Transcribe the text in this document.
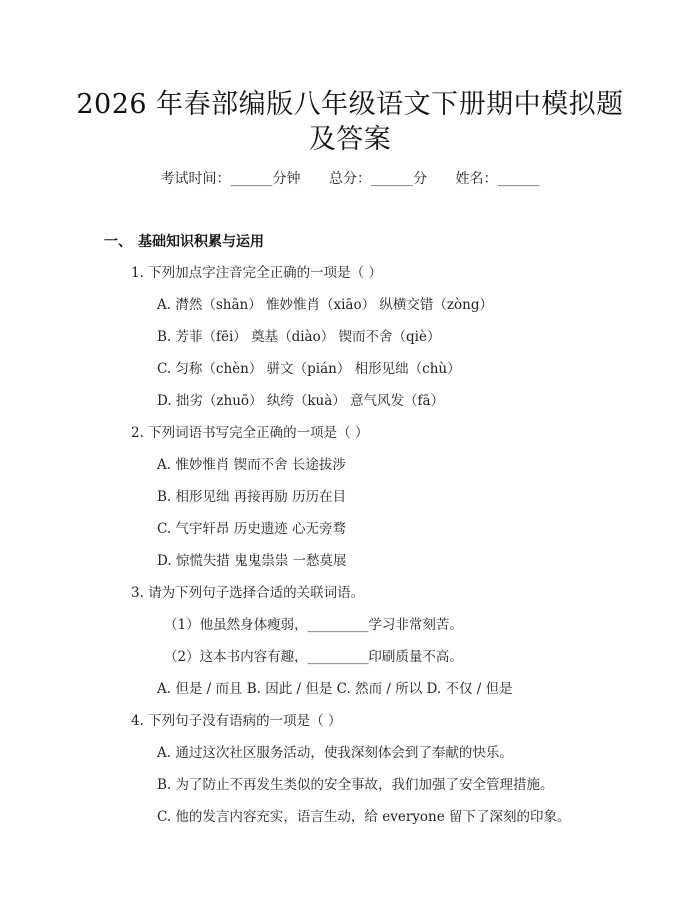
2026 年春部编版八年级语文下册期中模拟题
及答案
考试时间：______分钟 总分：______分 姓名：______
一、 基础知识积累与运用
1. 下列加点字注音完全正确的一项是（ ）
A. 潸然（shān） 惟妙惟肖（xiāo） 纵横交错（zòng）
B. 芳菲（fēi） 奠基（diào） 锲而不舍（qiè）
C. 匀称（chèn） 骈文（pián） 相形见绌（chù）
D. 拙劣（zhuō） 纨绔（kuà） 意气风发（fā）
2. 下列词语书写完全正确的一项是（ ）
A. 惟妙惟肖 锲而不舍 长途拔涉
B. 相形见绌 再接再励 历历在目
C. 气宇轩昂 历史遗迹 心无旁骛
D. 惊慌失措 鬼鬼祟祟 一愁莫展
3. 请为下列句子选择合适的关联词语。
（1）他虽然身体瘦弱，_________学习非常刻苦。
（2）这本书内容有趣，_________印刷质量不高。
A. 但是 / 而且 B. 因此 / 但是 C. 然而 / 所以 D. 不仅 / 但是
4. 下列句子没有语病的一项是（ ）
A. 通过这次社区服务活动，使我深刻体会到了奉献的快乐。
B. 为了防止不再发生类似的安全事故，我们加强了安全管理措施。
C. 他的发言内容充实，语言生动，给 everyone 留下了深刻的印象。
